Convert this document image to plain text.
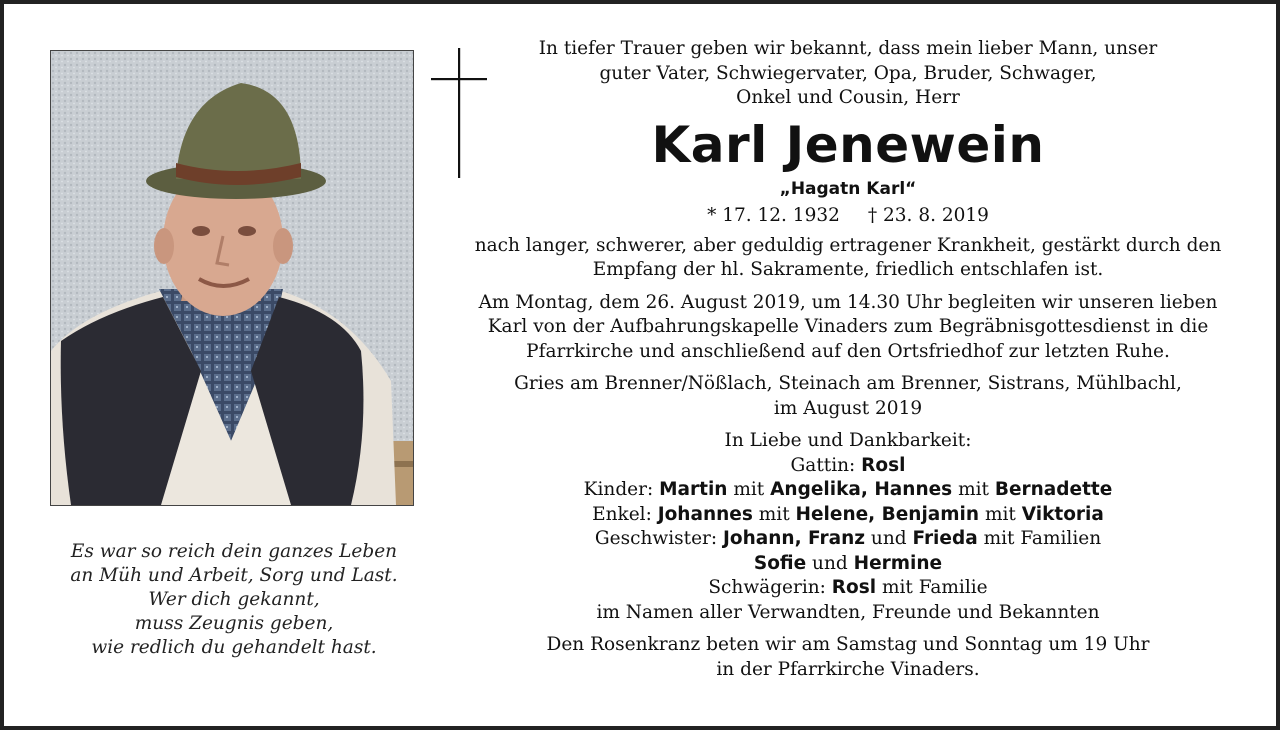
Es war so reich dein ganzes Leben
an Müh und Arbeit, Sorg und Last.
Wer dich gekannt,
muss Zeugnis geben,
wie redlich du gehandelt hast.
In tiefer Trauer geben wir bekannt, dass mein lieber Mann, unser
guter Vater, Schwiegervater, Opa, Bruder, Schwager,
Onkel und Cousin, Herr
Karl Jenewein
„Hagatn Karl“
* 17. 12. 1932 † 23. 8. 2019
nach langer, schwerer, aber geduldig ertragener Krankheit, gestärkt durch den
Empfang der hl. Sakramente, friedlich entschlafen ist.
Am Montag, dem 26. August 2019, um 14.30 Uhr begleiten wir unseren lieben
Karl von der Aufbahrungskapelle Vinaders zum Begräbnisgottesdienst in die
Pfarrkirche und anschließend auf den Ortsfriedhof zur letzten Ruhe.
Gries am Brenner/Nößlach, Steinach am Brenner, Sistrans, Mühlbachl,
im August 2019
In Liebe und Dankbarkeit:
Gattin: Rosl
Kinder: Martin mit Angelika, Hannes mit Bernadette
Enkel: Johannes mit Helene, Benjamin mit Viktoria
Geschwister: Johann, Franz und Frieda mit Familien
Sofie und Hermine
Schwägerin: Rosl mit Familie
im Namen aller Verwandten, Freunde und Bekannten
Den Rosenkranz beten wir am Samstag und Sonntag um 19 Uhr
in der Pfarrkirche Vinaders.
